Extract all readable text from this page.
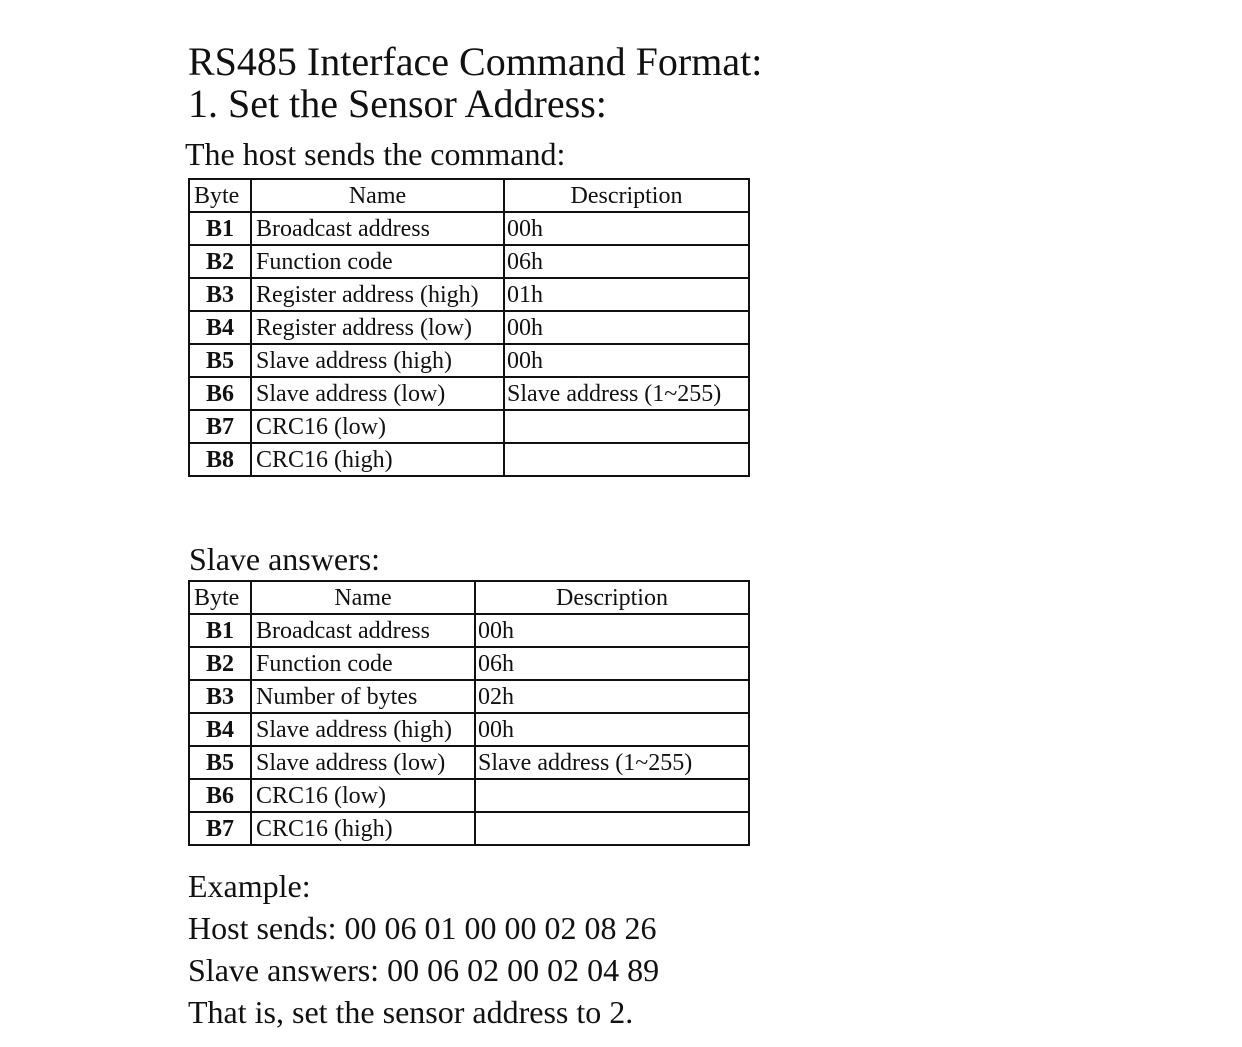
RS485 Interface Command Format:
1. Set the Sensor Address:
The host sends the command:
Byte	Name	Description
B1	Broadcast address	00h
B2	Function code	06h
B3	Register address (high)	01h
B4	Register address (low)	00h
B5	Slave address (high)	00h
B6	Slave address (low)	Slave address (1~255)
B7	CRC16 (low)	
B8	CRC16 (high)	
Slave answers:
Byte	Name	Description
B1	Broadcast address	00h
B2	Function code	06h
B3	Number of bytes	02h
B4	Slave address (high)	00h
B5	Slave address (low)	Slave address (1~255)
B6	CRC16 (low)	
B7	CRC16 (high)	
Example:
Host sends: 00 06 01 00 00 02 08 26
Slave answers: 00 06 02 00 02 04 89
That is, set the sensor address to 2.
